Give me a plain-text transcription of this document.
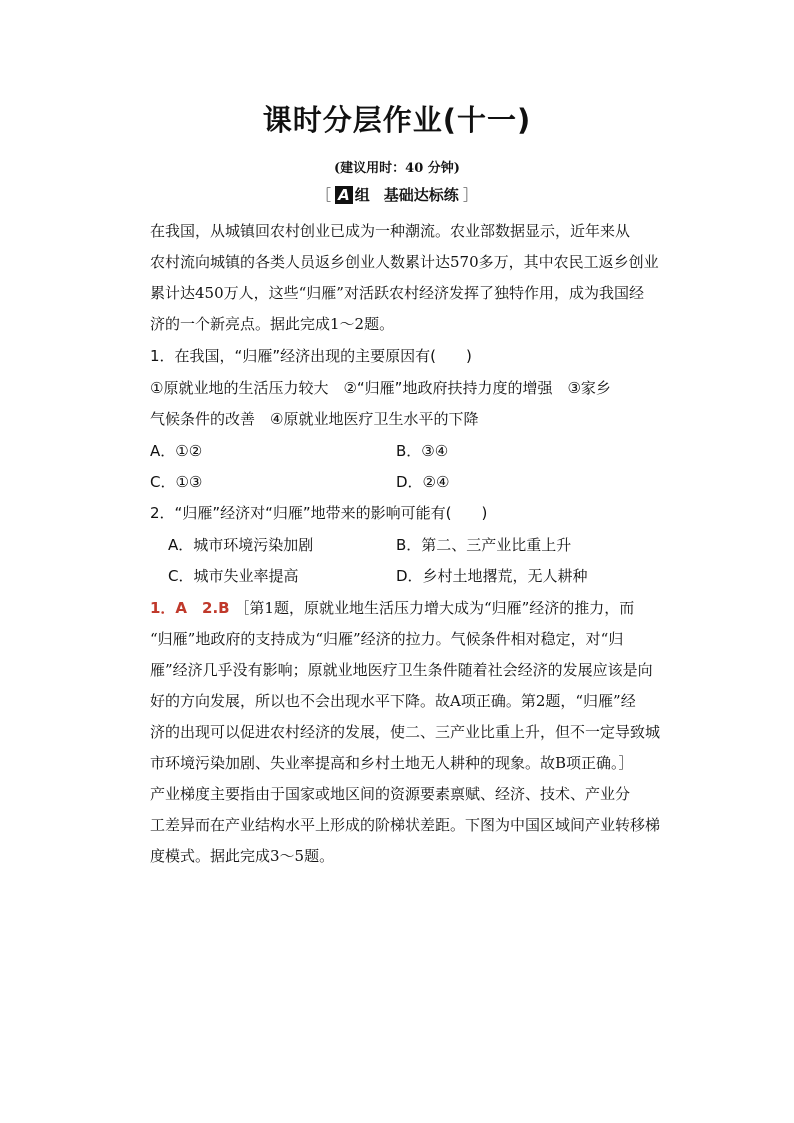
课时分层作业(十一)
(建议用时：40 分钟)
［ A 组 基础达标练 ］
在我国，从城镇回农村创业已成为一种潮流。农业部数据显示，近年来从
农村流向城镇的各类人员返乡创业人数累计达570多万，其中农民工返乡创业
累计达450万人，这些“归雁”对活跃农村经济发挥了独特作用，成为我国经
济的一个新亮点。据此完成1～2题。
1．在我国，“归雁”经济出现的主要原因有(　　)
①原就业地的生活压力较大　②“归雁”地政府扶持力度的增强　③家乡
气候条件的改善　④原就业地医疗卫生水平的下降
A．①②	B．③④
C．①③	D．②④
2．“归雁”经济对“归雁”地带来的影响可能有(　　)
A．城市环境污染加剧	B．第二、三产业比重上升
C．城市失业率提高	D．乡村土地撂荒，无人耕种
1．A　2.B ［第1题，原就业地生活压力增大成为“归雁”经济的推力，而
“归雁”地政府的支持成为“归雁”经济的拉力。气候条件相对稳定，对“归
雁”经济几乎没有影响；原就业地医疗卫生条件随着社会经济的发展应该是向
好的方向发展，所以也不会出现水平下降。故A项正确。第2题，“归雁”经
济的出现可以促进农村经济的发展，使二、三产业比重上升，但不一定导致城
市环境污染加剧、失业率提高和乡村土地无人耕种的现象。故B项正确。］
产业梯度主要指由于国家或地区间的资源要素禀赋、经济、技术、产业分
工差异而在产业结构水平上形成的阶梯状差距。下图为中国区域间产业转移梯
度模式。据此完成3～5题。
